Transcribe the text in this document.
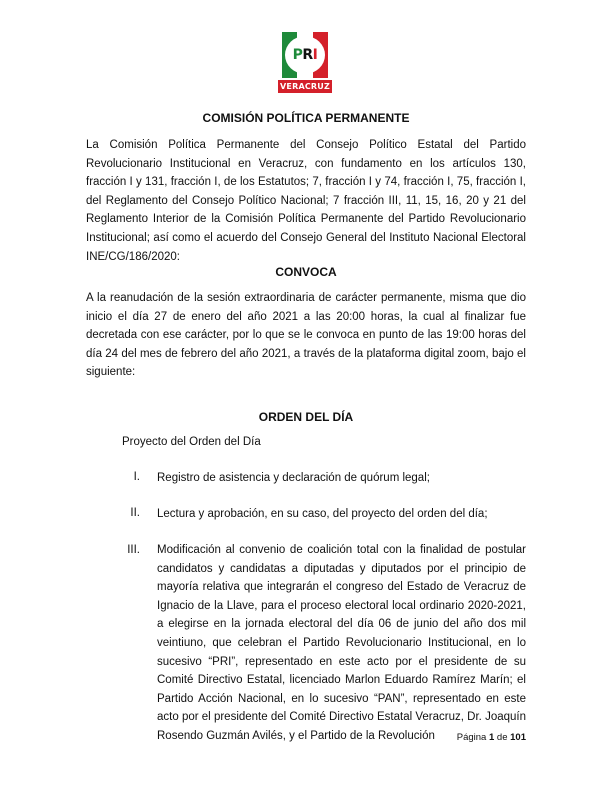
P R I
VERACRUZ
COMISIÓN POLÍTICA PERMANENTE
La Comisión Política Permanente del Consejo Político Estatal del Partido Revolucionario Institucional en Veracruz, con fundamento en los artículos 130, fracción I y 131, fracción I, de los Estatutos; 7, fracción I y 74, fracción I, 75, fracción I, del Reglamento del Consejo Político Nacional; 7 fracción III, 11, 15, 16, 20 y 21 del Reglamento Interior de la Comisión Política Permanente del Partido Revolucionario Institucional; así como el acuerdo del Consejo General del Instituto Nacional Electoral INE/CG/186/2020:
CONVOCA
A la reanudación de la sesión extraordinaria de carácter permanente, misma que dio inicio el día 27 de enero del año 2021 a las 20:00 horas, la cual al finalizar fue decretada con ese carácter, por lo que se le convoca en punto de las 19:00 horas del día 24 del mes de febrero del año 2021, a través de la plataforma digital zoom, bajo el siguiente:
ORDEN DEL DÍA
Proyecto del Orden del Día
I. Registro de asistencia y declaración de quórum legal;
II. Lectura y aprobación, en su caso, del proyecto del orden del día;
III. Modificación al convenio de coalición total con la finalidad de postular candidatos y candidatas a diputadas y diputados por el principio de mayoría relativa que integrarán el congreso del Estado de Veracruz de Ignacio de la Llave, para el proceso electoral local ordinario 2020-2021, a elegirse en la jornada electoral del día 06 de junio del año dos mil veintiuno, que celebran el Partido Revolucionario Institucional, en lo sucesivo “PRI”, representado en este acto por el presidente de su Comité Directivo Estatal, licenciado Marlon Eduardo Ramírez Marín; el Partido Acción Nacional, en lo sucesivo “PAN”, representado en este acto por el presidente del Comité Directivo Estatal Veracruz, Dr. Joaquín Rosendo Guzmán Avilés, y el Partido de la Revolución	Página 1 de 101
